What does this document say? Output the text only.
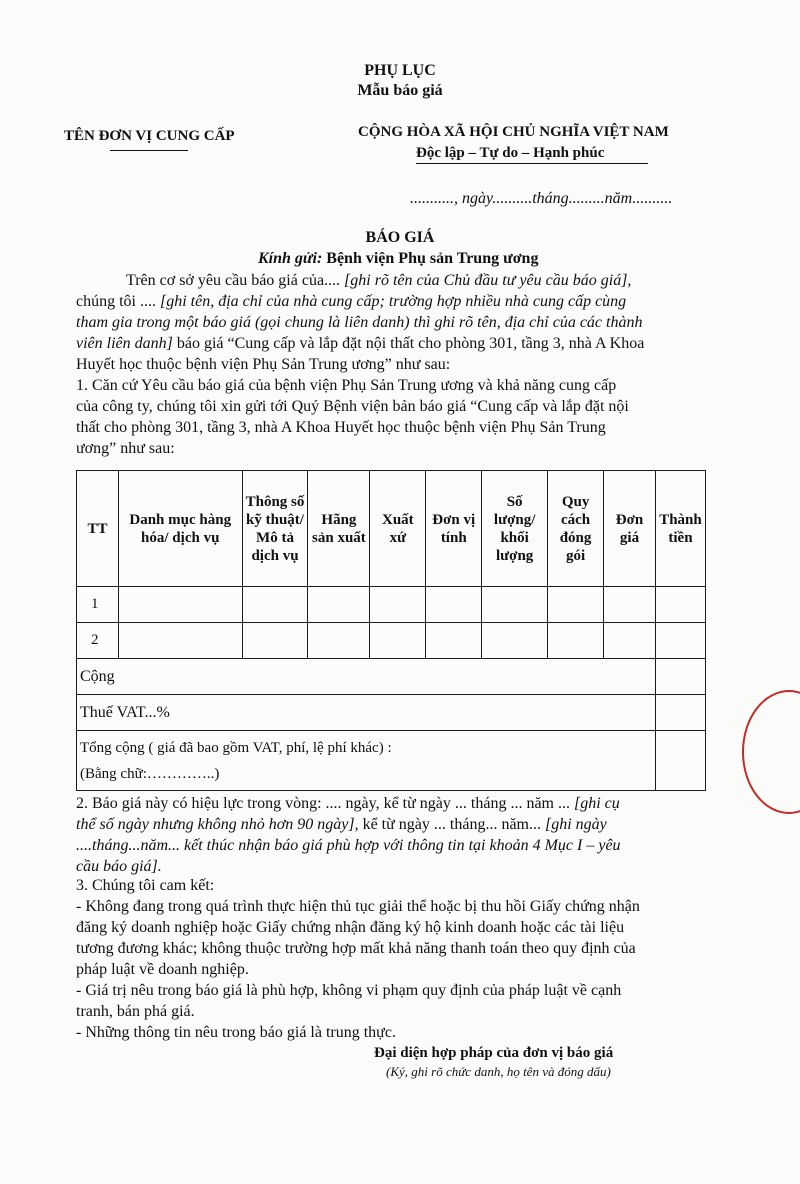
PHỤ LỤC
Mẫu báo giá
TÊN ĐƠN VỊ CUNG CẤP	CỘNG HÒA XÃ HỘI CHỦ NGHĨA VIỆT NAM
Độc lập – Tự do – Hạnh phúc
..........., ngày..........tháng.........năm..........
BÁO GIÁ
Kính gửi: Bệnh viện Phụ sản Trung ương
Trên cơ sở yêu cầu báo giá của.... [ghi rõ tên của Chủ đầu tư yêu cầu báo giá],
chúng tôi .... [ghi tên, địa chỉ của nhà cung cấp; trường hợp nhiều nhà cung cấp cùng
tham gia trong một báo giá (gọi chung là liên danh) thì ghi rõ tên, địa chỉ của các thành
viên liên danh] báo giá “Cung cấp và lắp đặt nội thất cho phòng 301, tầng 3, nhà A Khoa
Huyết học thuộc bệnh viện Phụ Sản Trung ương” như sau:
1. Căn cứ Yêu cầu báo giá của bệnh viện Phụ Sản Trung ương và khả năng cung cấp
của công ty, chúng tôi xin gửi tới Quý Bệnh viện bản báo giá “Cung cấp và lắp đặt nội
thất cho phòng 301, tầng 3, nhà A Khoa Huyết học thuộc bệnh viện Phụ Sản Trung
ương” như sau:
TT	Danh mục hàng hóa/ dịch vụ	Thông số kỹ thuật/ Mô tả dịch vụ	Hãng sản xuất	Xuất xứ	Đơn vị tính	Số lượng/ khối lượng	Quy cách đóng gói	Đơn giá	Thành tiền
1									
2									
Cộng									
Thuế VAT...%									

Tổng cộng ( giá đã bao gồm VAT, phí, lệ phí khác) :
(Bằng chữ:…………..)									

2. Báo giá này có hiệu lực trong vòng: .... ngày, kể từ ngày ... tháng ... năm ... [ghi cụ
thể số ngày nhưng không nhỏ hơn 90 ngày], kể từ ngày ... tháng... năm... [ghi ngày
....tháng...năm... kết thúc nhận báo giá phù hợp với thông tin tại khoản 4 Mục I – yêu
cầu báo giá].
3. Chúng tôi cam kết:
- Không đang trong quá trình thực hiện thủ tục giải thể hoặc bị thu hồi Giấy chứng nhận
đăng ký doanh nghiệp hoặc Giấy chứng nhận đăng ký hộ kinh doanh hoặc các tài liệu
tương đương khác; không thuộc trường hợp mất khả năng thanh toán theo quy định của
pháp luật về doanh nghiệp.
- Giá trị nêu trong báo giá là phù hợp, không vi phạm quy định của pháp luật về cạnh
tranh, bán phá giá.
- Những thông tin nêu trong báo giá là trung thực.
Đại diện hợp pháp của đơn vị báo giá
(Ký, ghi rõ chức danh, họ tên và đóng dấu)
